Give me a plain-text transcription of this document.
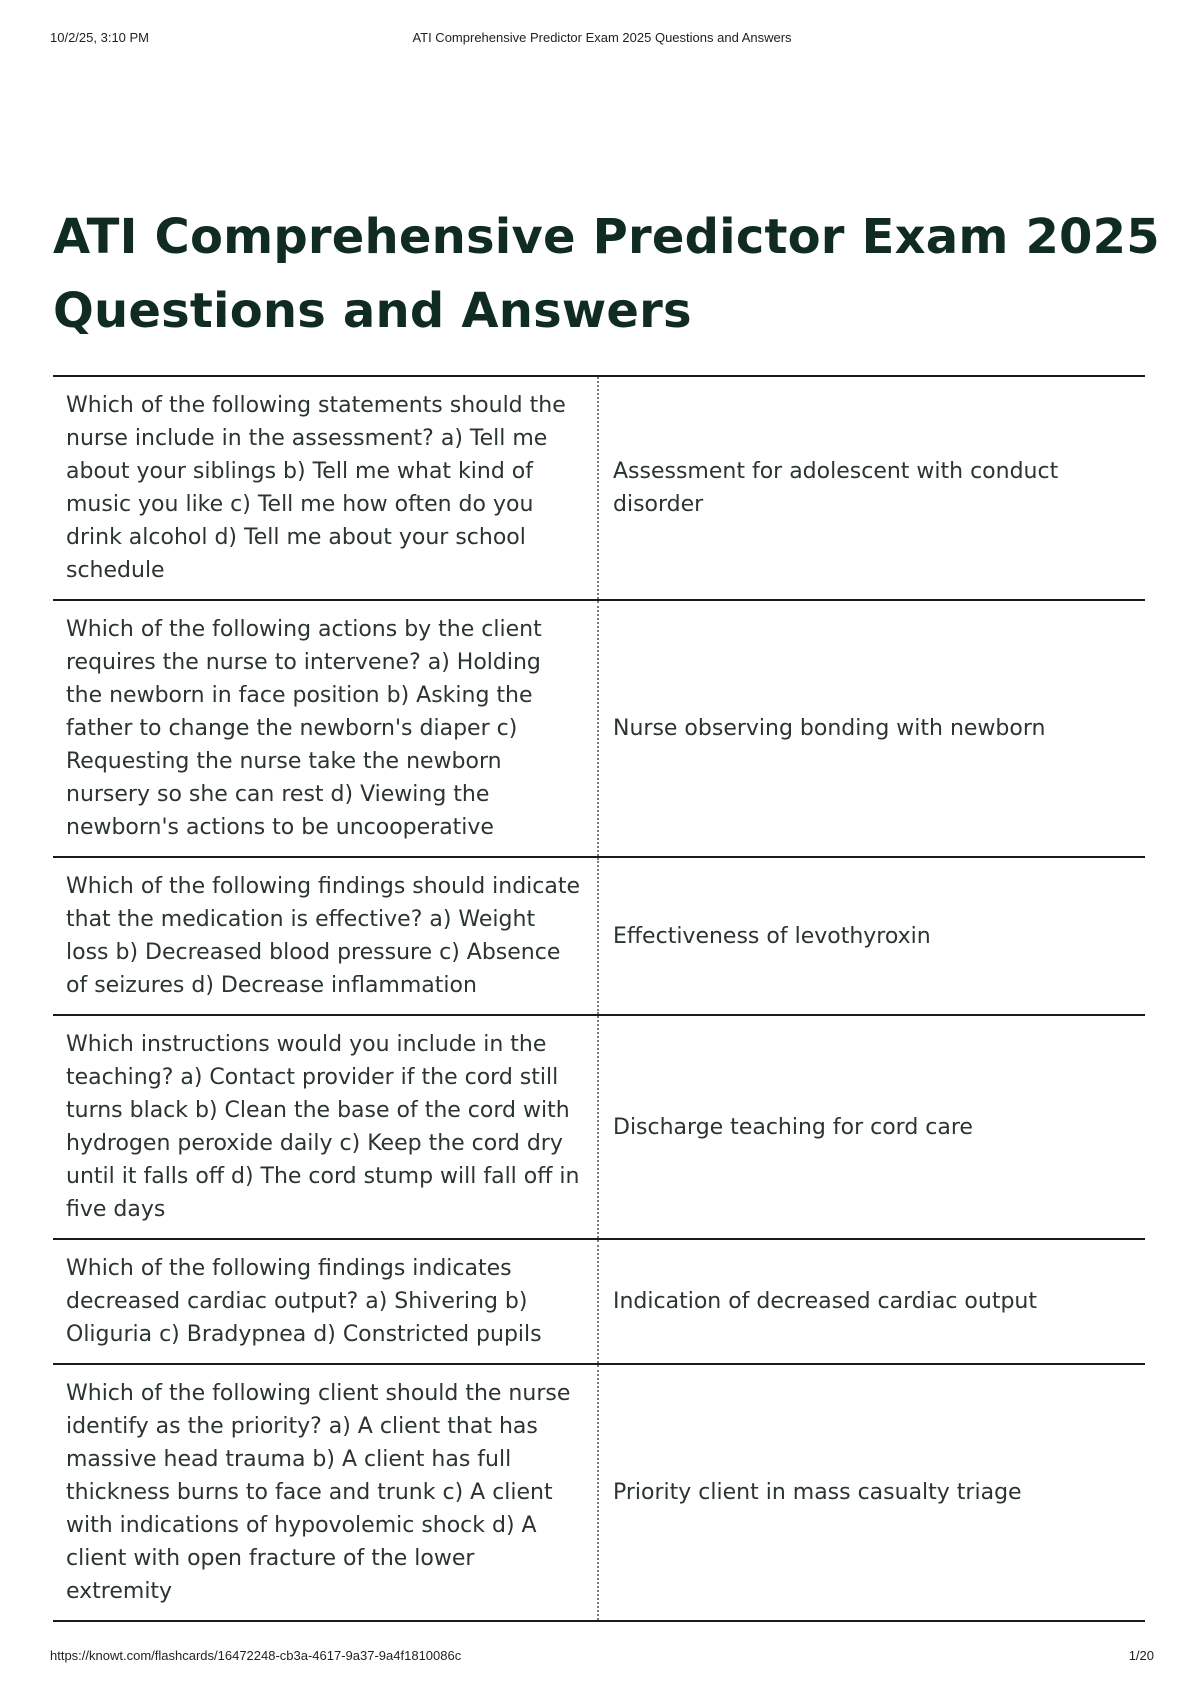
10/2/25, 3:10 PM	ATI Comprehensive Predictor Exam 2025 Questions and Answers
ATI Comprehensive Predictor Exam 2025 Questions and Answers
Which of the following statements should the nurse include in the assessment? a) Tell me about your siblings b) Tell me what kind of music you like c) Tell me how often do you drink alcohol d) Tell me about your school schedule
Assessment for adolescent with conduct disorder
Which of the following actions by the client requires the nurse to intervene? a) Holding the newborn in face position b) Asking the father to change the newborn's diaper c) Requesting the nurse take the newborn nursery so she can rest d) Viewing the newborn's actions to be uncooperative
Nurse observing bonding with newborn
Which of the following findings should indicate that the medication is effective? a) Weight loss b) Decreased blood pressure c) Absence of seizures d) Decrease inflammation
Effectiveness of levothyroxin
Which instructions would you include in the teaching? a) Contact provider if the cord still turns black b) Clean the base of the cord with hydrogen peroxide daily c) Keep the cord dry until it falls off d) The cord stump will fall off in five days
Discharge teaching for cord care
Which of the following findings indicates decreased cardiac output? a) Shivering b) Oliguria c) Bradypnea d) Constricted pupils
Indication of decreased cardiac output
Which of the following client should the nurse identify as the priority? a) A client that has massive head trauma b) A client has full thickness burns to face and trunk c) A client with indications of hypovolemic shock d) A client with open fracture of the lower extremity
Priority client in mass casualty triage
https://knowt.com/flashcards/16472248-cb3a-4617-9a37-9a4f1810086c	1/20
